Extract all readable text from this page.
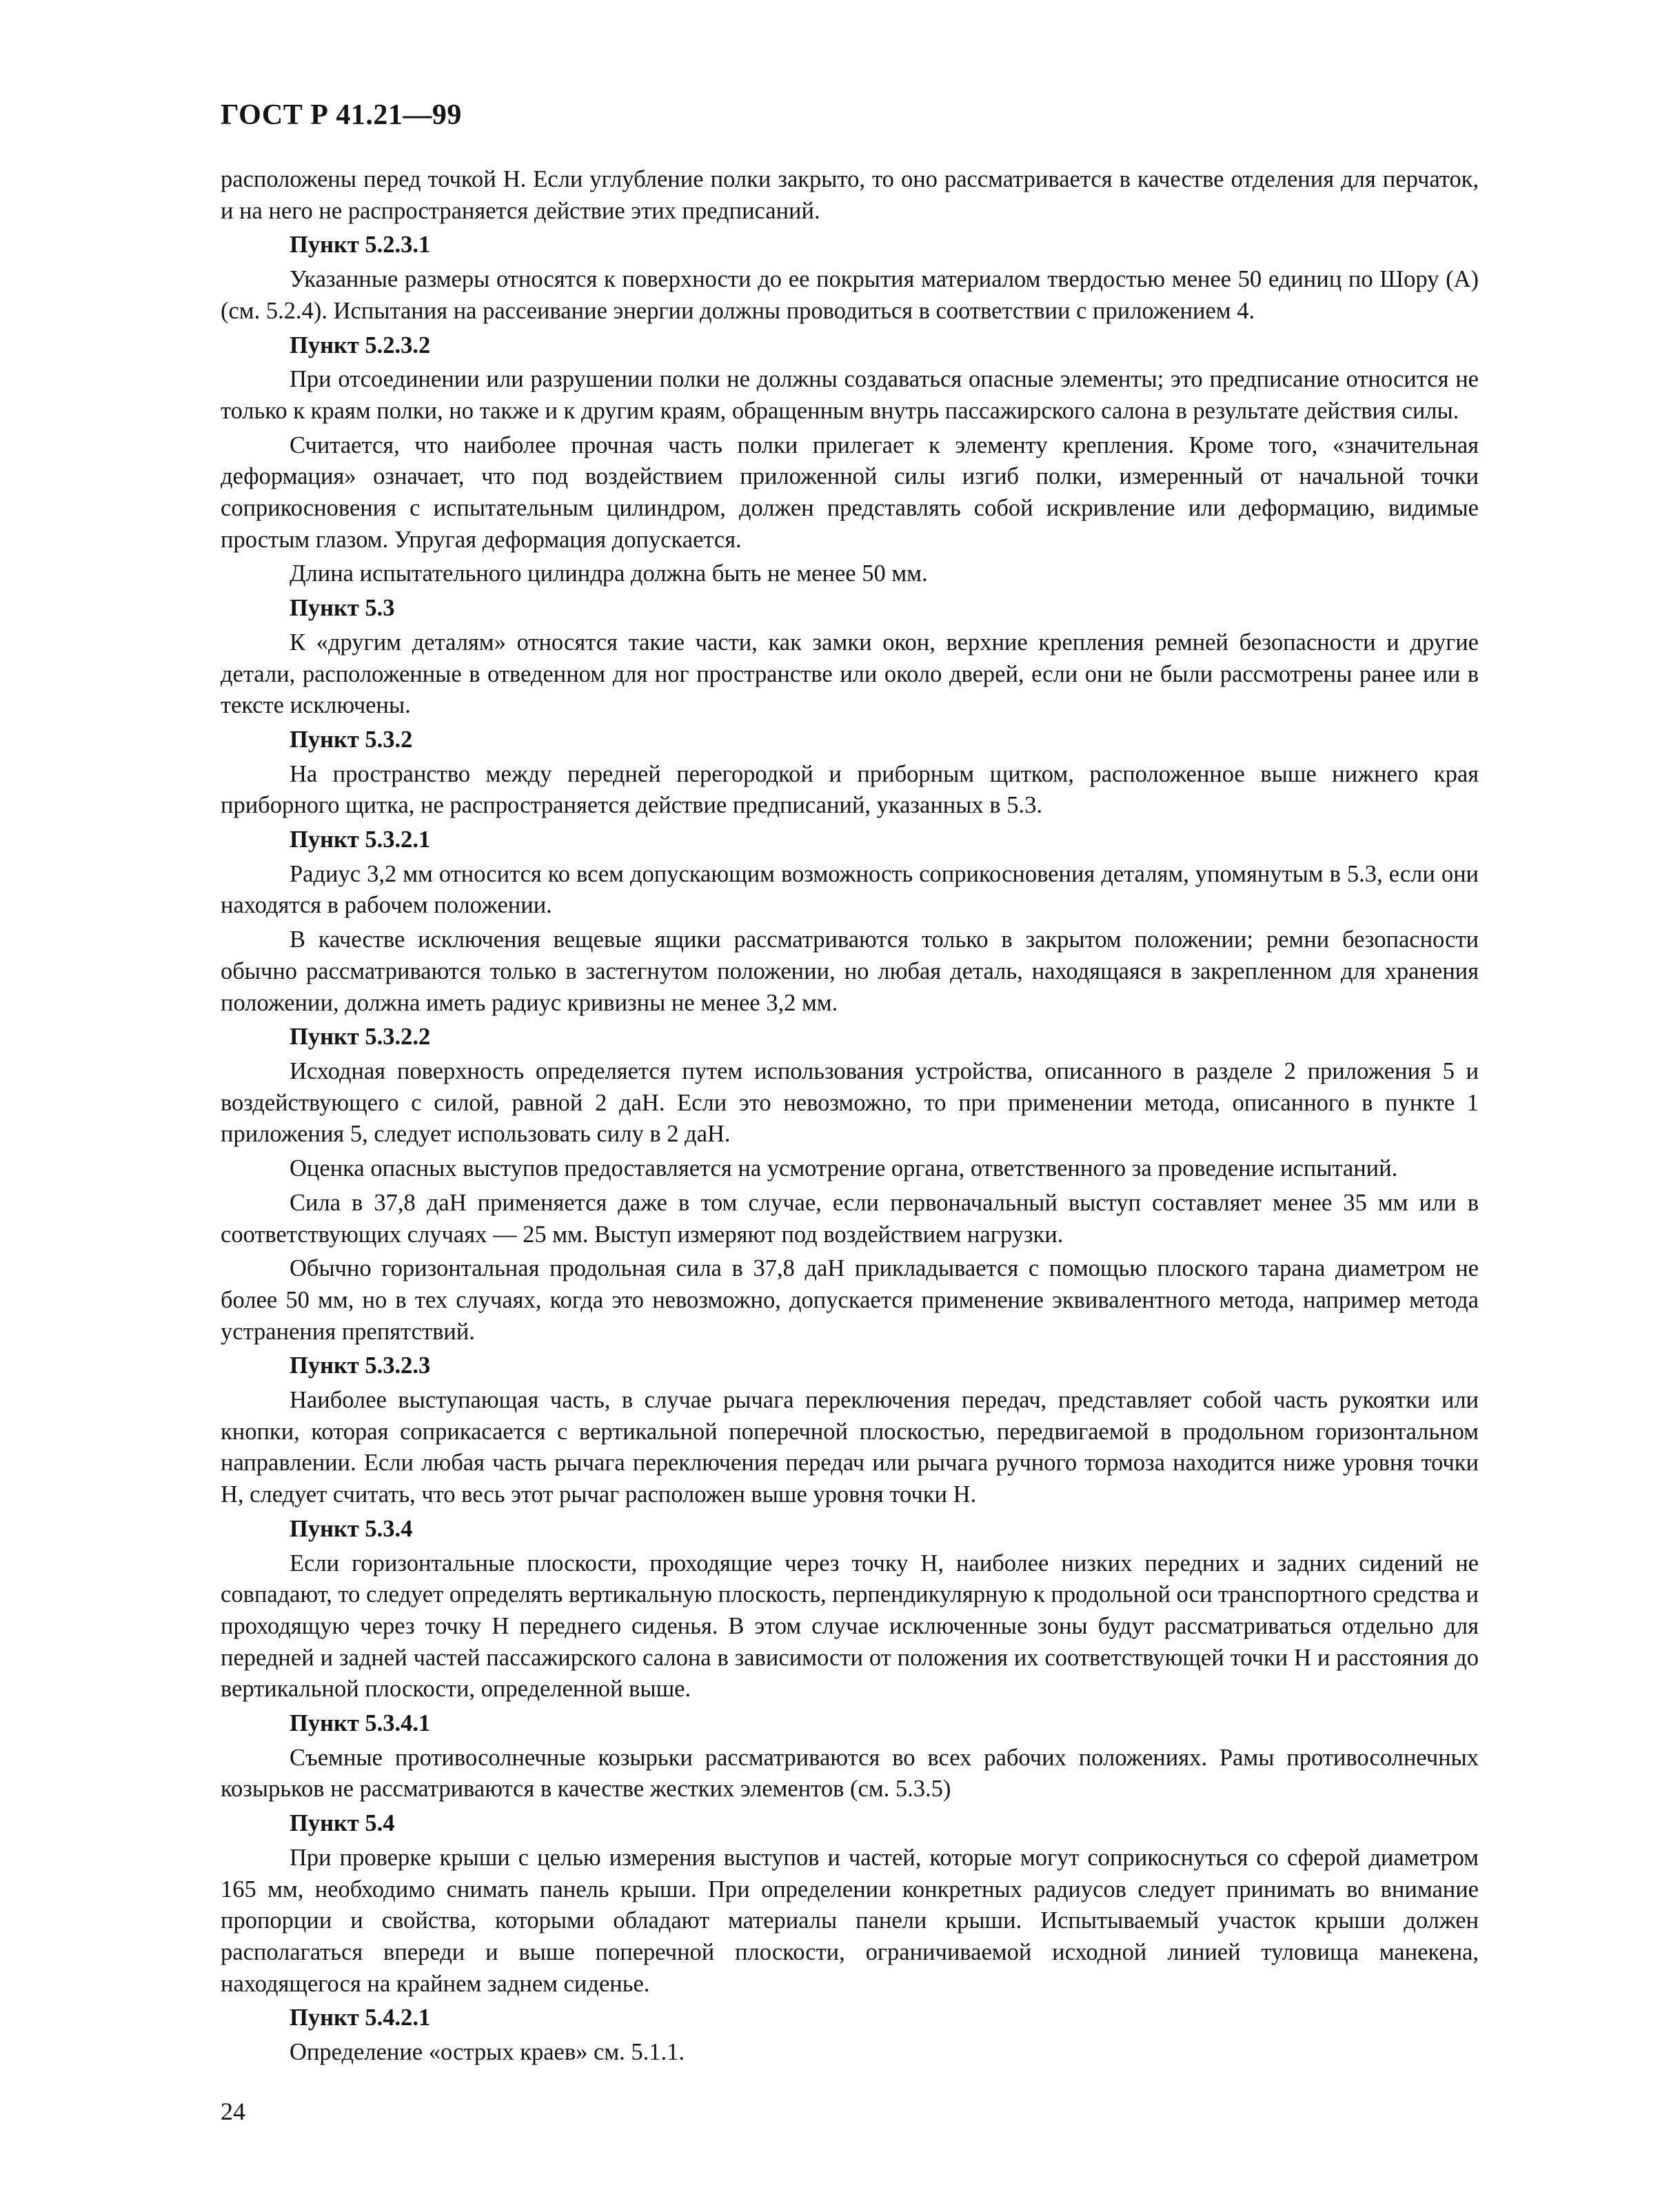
ГОСТ Р 41.21—99

расположены перед точкой Н. Если углубление полки закрыто, то оно рассматривается в качестве отделения для перчаток, и на него не распространяется действие этих предписаний.

Пункт 5.2.3.1

Указанные размеры относятся к поверхности до ее покрытия материалом твердостью менее 50 единиц по Шору (А) (см. 5.2.4). Испытания на рассеивание энергии должны проводиться в соответствии с приложением 4.

Пункт 5.2.3.2

При отсоединении или разрушении полки не должны создаваться опасные элементы; это предписание относится не только к краям полки, но также и к другим краям, обращенным внутрь пассажирского салона в результате действия силы.

Считается, что наиболее прочная часть полки прилегает к элементу крепления. Кроме того, «значительная деформация» означает, что под воздействием приложенной силы изгиб полки, измеренный от начальной точки соприкосновения с испытательным цилиндром, должен представлять собой искривление или деформацию, видимые простым глазом. Упругая деформация допускается.

Длина испытательного цилиндра должна быть не менее 50 мм.

Пункт 5.3

К «другим деталям» относятся такие части, как замки окон, верхние крепления ремней безопасности и другие детали, расположенные в отведенном для ног пространстве или около дверей, если они не были рассмотрены ранее или в тексте исключены.

Пункт 5.3.2

На пространство между передней перегородкой и приборным щитком, расположенное выше нижнего края приборного щитка, не распространяется действие предписаний, указанных в 5.3.

Пункт 5.3.2.1

Радиус 3,2 мм относится ко всем допускающим возможность соприкосновения деталям, упомянутым в 5.3, если они находятся в рабочем положении.

В качестве исключения вещевые ящики рассматриваются только в закрытом положении; ремни безопасности обычно рассматриваются только в застегнутом положении, но любая деталь, находящаяся в закрепленном для хранения положении, должна иметь радиус кривизны не менее 3,2 мм.

Пункт 5.3.2.2

Исходная поверхность определяется путем использования устройства, описанного в разделе 2 приложения 5 и воздействующего с силой, равной 2 даН. Если это невозможно, то при применении метода, описанного в пункте 1 приложения 5, следует использовать силу в 2 даН.

Оценка опасных выступов предоставляется на усмотрение органа, ответственного за проведение испытаний.

Сила в 37,8 даН применяется даже в том случае, если первоначальный выступ составляет менее 35 мм или в соответствующих случаях — 25 мм. Выступ измеряют под воздействием нагрузки.

Обычно горизонтальная продольная сила в 37,8 даН прикладывается с помощью плоского тарана диаметром не более 50 мм, но в тех случаях, когда это невозможно, допускается применение эквивалентного метода, например метода устранения препятствий.

Пункт 5.3.2.3

Наиболее выступающая часть, в случае рычага переключения передач, представляет собой часть рукоятки или кнопки, которая соприкасается с вертикальной поперечной плоскостью, передвигаемой в продольном горизонтальном направлении. Если любая часть рычага переключения передач или рычага ручного тормоза находится ниже уровня точки Н, следует считать, что весь этот рычаг расположен выше уровня точки Н.

Пункт 5.3.4

Если горизонтальные плоскости, проходящие через точку Н, наиболее низких передних и задних сидений не совпадают, то следует определять вертикальную плоскость, перпендикулярную к продольной оси транспортного средства и проходящую через точку Н переднего сиденья. В этом случае исключенные зоны будут рассматриваться отдельно для передней и задней частей пассажирского салона в зависимости от положения их соответствующей точки Н и расстояния до вертикальной плоскости, определенной выше.

Пункт 5.3.4.1

Съемные противосолнечные козырьки рассматриваются во всех рабочих положениях. Рамы противосолнечных козырьков не рассматриваются в качестве жестких элементов (см. 5.3.5)

Пункт 5.4

При проверке крыши с целью измерения выступов и частей, которые могут соприкоснуться со сферой диаметром 165 мм, необходимо снимать панель крыши. При определении конкретных радиусов следует принимать во внимание пропорции и свойства, которыми обладают материалы панели крыши. Испытываемый участок крыши должен располагаться впереди и выше поперечной плоскости, ограничиваемой исходной линией туловища манекена, находящегося на крайнем заднем сиденье.

Пункт 5.4.2.1

Определение «острых краев» см. 5.1.1.

24
